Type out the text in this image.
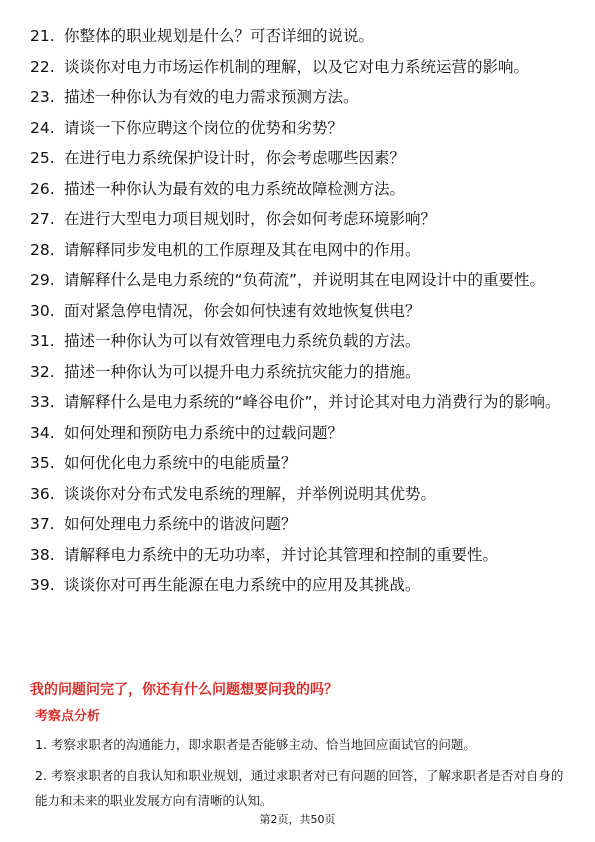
21. 你整体的职业规划是什么？可否详细的说说。
22. 谈谈你对电力市场运作机制的理解，以及它对电力系统运营的影响。
23. 描述一种你认为有效的电力需求预测方法。
24. 请谈一下你应聘这个岗位的优势和劣势？
25. 在进行电力系统保护设计时，你会考虑哪些因素？
26. 描述一种你认为最有效的电力系统故障检测方法。
27. 在进行大型电力项目规划时，你会如何考虑环境影响？
28. 请解释同步发电机的工作原理及其在电网中的作用。
29. 请解释什么是电力系统的“负荷流”，并说明其在电网设计中的重要性。
30. 面对紧急停电情况，你会如何快速有效地恢复供电？
31. 描述一种你认为可以有效管理电力系统负载的方法。
32. 描述一种你认为可以提升电力系统抗灾能力的措施。
33. 请解释什么是电力系统的“峰谷电价”，并讨论其对电力消费行为的影响。
34. 如何处理和预防电力系统中的过载问题？
35. 如何优化电力系统中的电能质量？
36. 谈谈你对分布式发电系统的理解，并举例说明其优势。
37. 如何处理电力系统中的谐波问题？
38. 请解释电力系统中的无功功率，并讨论其管理和控制的重要性。
39. 谈谈你对可再生能源在电力系统中的应用及其挑战。
我的问题问完了，你还有什么问题想要问我的吗？
考察点分析
1. 考察求职者的沟通能力，即求职者是否能够主动、恰当地回应面试官的问题。
2. 考察求职者的自我认知和职业规划，通过求职者对已有问题的回答，了解求职者是否对自身的能力和未来的职业发展方向有清晰的认知。
第2页，共50页
